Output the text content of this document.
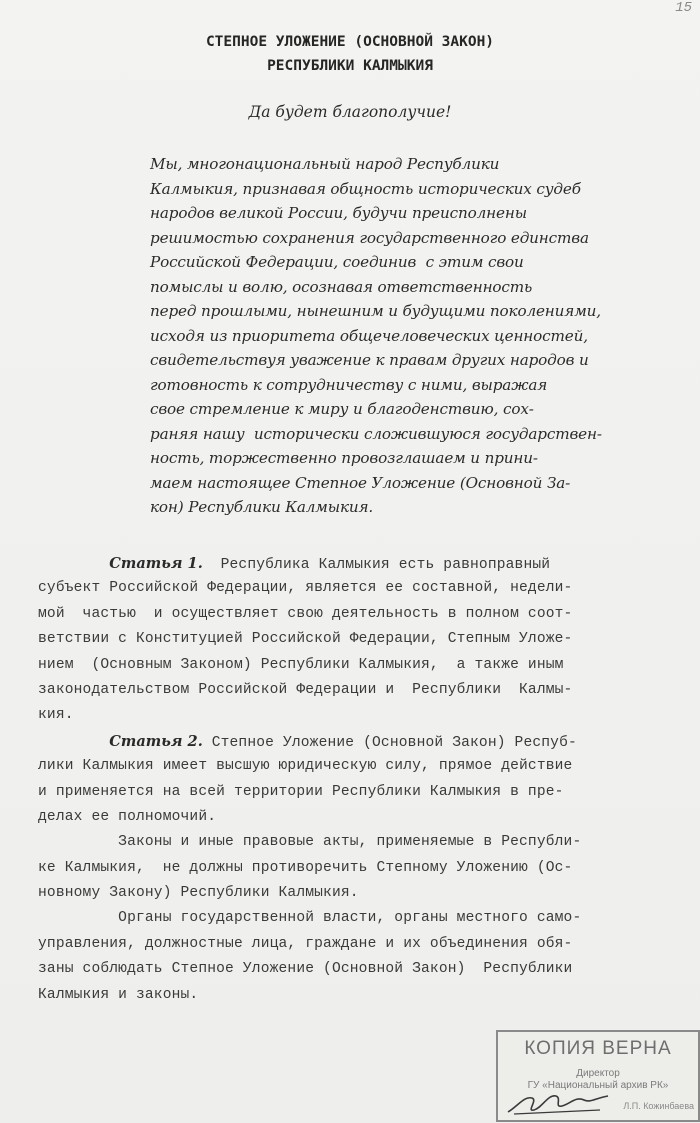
15
СТЕПНОЕ УЛОЖЕНИЕ (ОСНОВНОЙ ЗАКОН)
РЕСПУБЛИКИ КАЛМЫКИЯ
Да будет благополучие!
Мы, многонациональный народ Республики
Калмыкия, признавая общность исторических судеб
народов великой России, будучи преисполнены
решимостью сохранения государственного единства
Российской Федерации, соединив  с этим свои
помыслы и волю, осознавая ответственность
перед прошлыми, нынешним и будущими поколениями,
исходя из приоритета общечеловеческих ценностей,
свидетельствуя уважение к правам других народов и
готовность к сотрудничеству с ними, выражая
свое стремление к миру и благоденствию, сох-
раняя нашу  исторически сложившуюся государствен-
ность, торжественно провозглашаем и прини-
маем настоящее Степное Уложение (Основной За-
кон) Республики Калмыкия.
Статья 1.  Республика Калмыкия есть равноправный
субъект Российской Федерации, является ее составной, недели-
мой  частью  и осуществляет свою деятельность в полном соот-
ветствии с Конституцией Российской Федерации, Степным Уложе-
нием  (Основным Законом) Республики Калмыкия,  а также иным
законодательством Российской Федерации и  Республики  Калмы-
кия.
Статья 2. Степное Уложение (Основной Закон) Респуб-
лики Калмыкия имеет высшую юридическую силу, прямое действие
и применяется на всей территории Республики Калмыкия в пре-
делах ее полномочий.
Законы и иные правовые акты, применяемые в Республи-
ке Калмыкия,  не должны противоречить Степному Уложению (Ос-
новному Закону) Республики Калмыкия.
Органы государственной власти, органы местного само-
управления, должностные лица, граждане и их объединения обя-
заны соблюдать Степное Уложение (Основной Закон)  Республики
Калмыкия и законы.
КОПИЯ ВЕРНА
Директор
ГУ «Национальный архив РК»
Л.П. Кожинбаева
